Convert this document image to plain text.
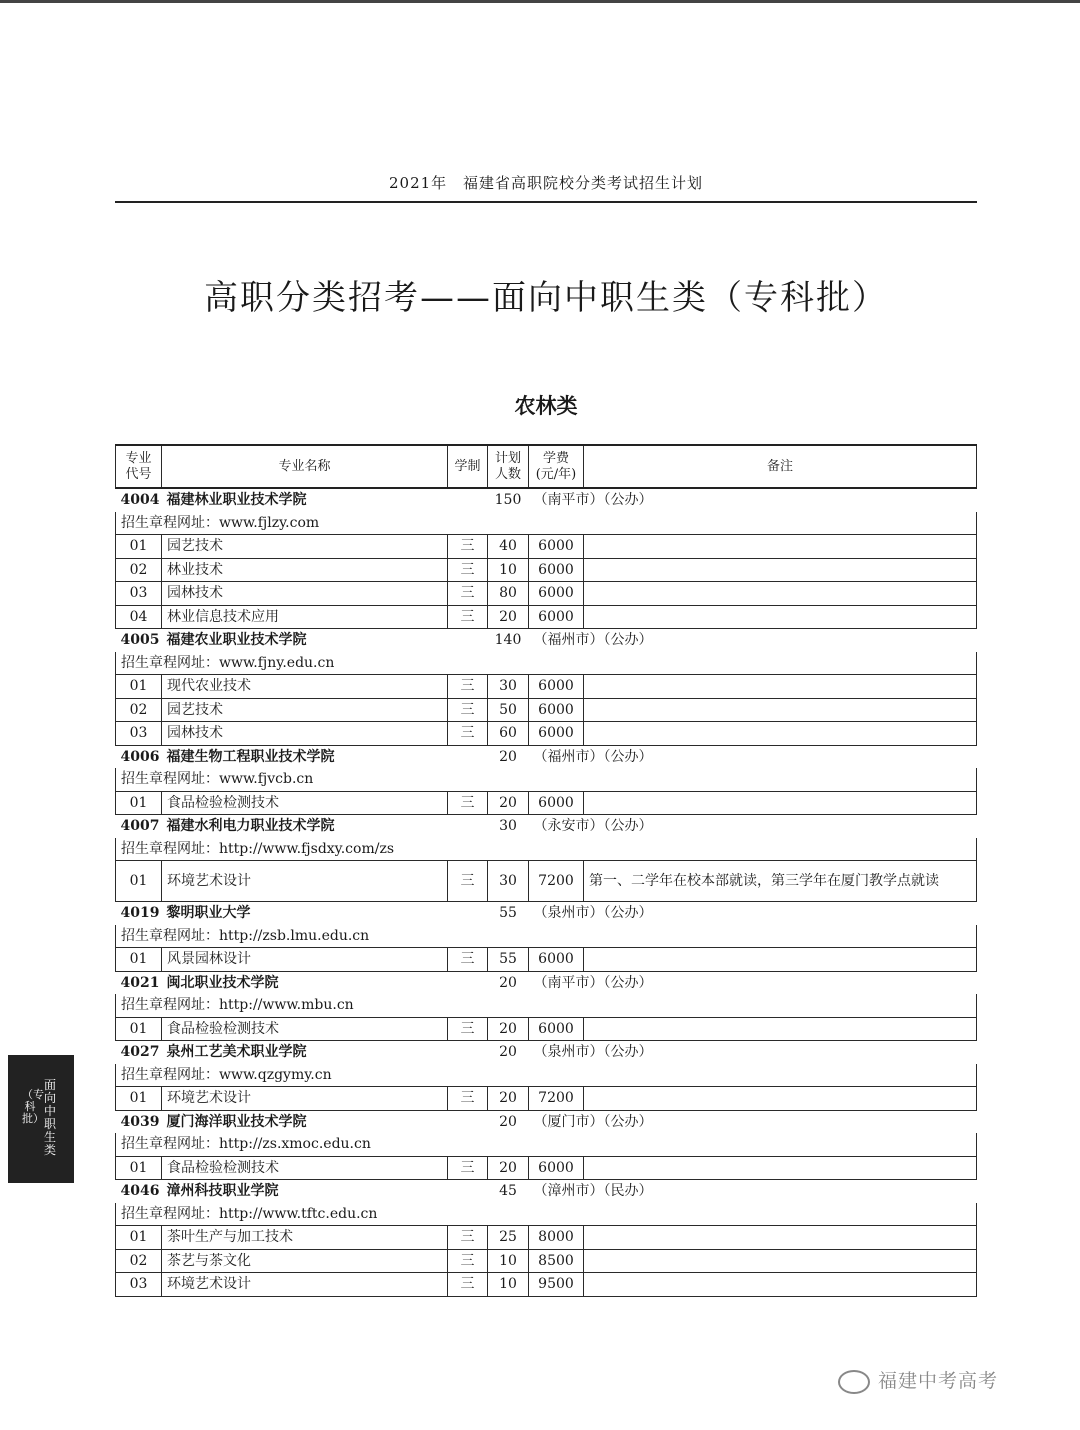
2021年 福建省高职院校分类考试招生计划
高职分类招考——面向中职生类（专科批）
农林类
专业代号	专业名称	学制	计划人数	学费(元/年)	备注
4004	福建林业职业技术学院		150	（南平市）（公办）	
招生章程网址：www.fjlzy.com					
01	园艺技术	三	40	6000	
02	林业技术	三	10	6000	
03	园林技术	三	80	6000	
04	林业信息技术应用	三	20	6000	
4005	福建农业职业技术学院		140	（福州市）（公办）	
招生章程网址：www.fjny.edu.cn					
01	现代农业技术	三	30	6000	
02	园艺技术	三	50	6000	
03	园林技术	三	60	6000	
4006	福建生物工程职业技术学院		20	（福州市）（公办）	
招生章程网址：www.fjvcb.cn					
01	食品检验检测技术	三	20	6000	
4007	福建水利电力职业技术学院		30	（永安市）（公办）	
招生章程网址：http://www.fjsdxy.com/zs					
01	环境艺术设计	三	30	7200	第一、二学年在校本部就读，第三学年在厦门教学点就读
4019	黎明职业大学		55	（泉州市）（公办）	
招生章程网址：http://zsb.lmu.edu.cn					
01	风景园林设计	三	55	6000	
4021	闽北职业技术学院		20	（南平市）（公办）	
招生章程网址：http://www.mbu.cn					
01	食品检验检测技术	三	20	6000	
4027	泉州工艺美术职业学院		20	（泉州市）（公办）	
招生章程网址：www.qzgymy.cn					
01	环境艺术设计	三	20	7200	
4039	厦门海洋职业技术学院		20	（厦门市）（公办）	
招生章程网址：http://zs.xmoc.edu.cn					
01	食品检验检测技术	三	20	6000	
4046	漳州科技职业学院		45	（漳州市）（民办）	
招生章程网址：http://www.tftc.edu.cn					
01	茶叶生产与加工技术	三	25	8000	
02	茶艺与茶文化	三	10	8500	
03	环境艺术设计	三	10	9500	
面向中职生类
（专科批）
福建中考高考
